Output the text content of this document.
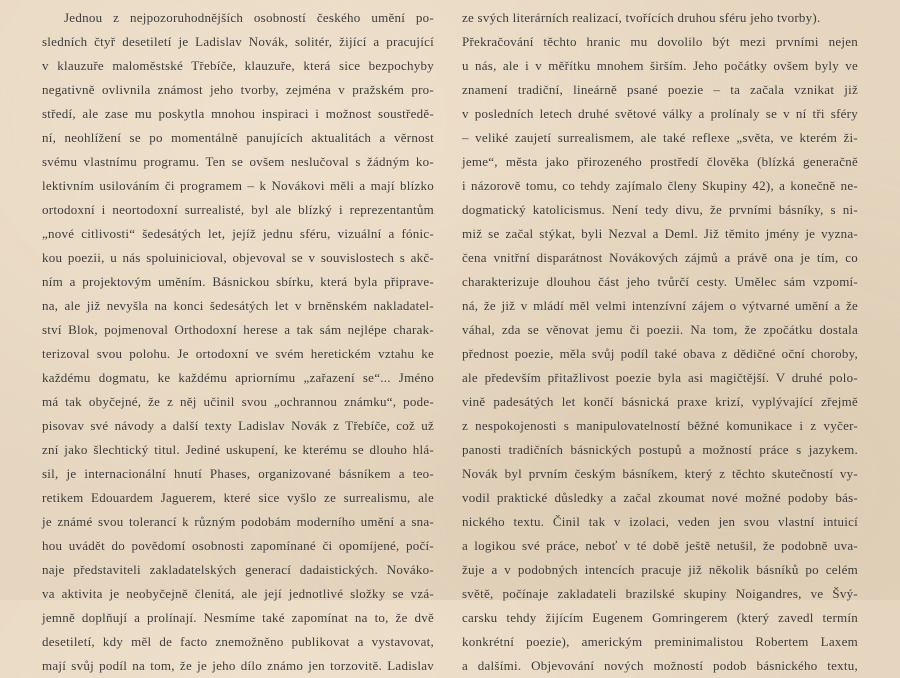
Jednou z nejpozoruhodnějších osobností českého umění po-
sledních čtyř desetiletí je Ladislav Novák, solitér, žijící a pracující
v klauzuře maloměstské Třebíče, klauzuře, která sice bezpochyby
negativně ovlivnila známost jeho tvorby, zejména v pražském pro-
středí, ale zase mu poskytla mnohou inspiraci i možnost soustředě-
ní, neohlížení se po momentálně panujících aktualitách a věrnost
svému vlastnímu programu. Ten se ovšem neslučoval s žádným ko-
lektivním usilováním či programem – k Novákovi měli a mají blízko
ortodoxní i neortodoxní surrealisté, byl ale blízký i reprezentantům
„nové citlivosti“ šedesátých let, jejíž jednu sféru, vizuální a fónic-
kou poezii, u nás spoluinicioval, objevoval se v souvislostech s akč-
ním a projektovým uměním. Básnickou sbírku, která byla připrave-
na, ale již nevyšla na konci šedesátých let v brněnském nakladatel-
ství Blok, pojmenoval Orthodoxní herese a tak sám nejlépe charak-
terizoval svou polohu. Je ortodoxní ve svém heretickém vztahu ke
každému dogmatu, ke každému apriornímu „zařazení se“... Jméno
má tak obyčejné, že z něj učinil svou „ochrannou známku“, pode-
pisovav své návody a další texty Ladislav Novák z Třebíče, což už
zní jako šlechtický titul. Jediné uskupení, ke kterému se dlouho hlá-
sil, je internacionální hnutí Phases, organizované básníkem a teo-
retikem Edouardem Jaguerem, které sice vyšlo ze surrealismu, ale
je známé svou tolerancí k různým podobám moderního umění a sna-
hou uvádět do povědomí osobnosti zapomínané či opomíjené, počí-
naje představiteli zakladatelských generací dadaistických. Nováko-
va aktivita je neobyčejně členitá, ale její jednotlivé složky se vzá-
jemně doplňují a prolínají. Nesmíme také zapomínat na to, že dvě
desetiletí, kdy měl de facto znemožněno publikovat a vystavovat,
mají svůj podíl na tom, že je jeho dílo známo jen torzovitě. Ladislav
ze svých literárních realizací, tvořících druhou sféru jeho tvorby).
Překračování těchto hranic mu dovolilo být mezi prvními nejen
u nás, ale i v měřítku mnohem širším. Jeho počátky ovšem byly ve
znamení tradiční, lineárně psané poezie – ta začala vznikat již
v posledních letech druhé světové války a prolínaly se v ní tři sféry
– veliké zaujetí surrealismem, ale také reflexe „světa, ve kterém ži-
jeme“, města jako přirozeného prostředí člověka (blízká generačně
i názorově tomu, co tehdy zajímalo členy Skupiny 42), a konečně ne-
dogmatický katolicismus. Není tedy divu, že prvními básníky, s ni-
miž se začal stýkat, byli Nezval a Deml. Již těmito jmény je vyzna-
čena vnitřní disparátnost Novákových zájmů a právě ona je tím, co
charakterizuje dlouhou část jeho tvůrčí cesty. Umělec sám vzpomí-
ná, že již v mládí měl velmi intenzívní zájem o výtvarné umění a že
váhal, zda se věnovat jemu či poezii. Na tom, že zpočátku dostala
přednost poezie, měla svůj podíl také obava z dědičné oční choroby,
ale především přitažlivost poezie byla asi magičtější. V druhé polo-
vině padesátých let končí básnická praxe krizí, vyplývající zřejmě
z nespokojenosti s manipulovatelností běžné komunikace i z vyčer-
panosti tradičních básnických postupů a možností práce s jazykem.
Novák byl prvním českým básníkem, který z těchto skutečností vy-
vodil praktické důsledky a začal zkoumat nové možné podoby bás-
nického textu. Činil tak v izolaci, veden jen svou vlastní intuicí
a logikou své práce, neboť v té době ještě netušil, že podobně uva-
žuje a v podobných intencích pracuje již několik básníků po celém
světě, počínaje zakladateli brazilské skupiny Noigandres, ve Švý-
carsku tehdy žijícím Eugenem Gomringerem (který zavedl termín
konkrétní poezie), americkým preminimalistou Robertem Laxem
a dalšími. Objevování nových možností podob básnického textu,
